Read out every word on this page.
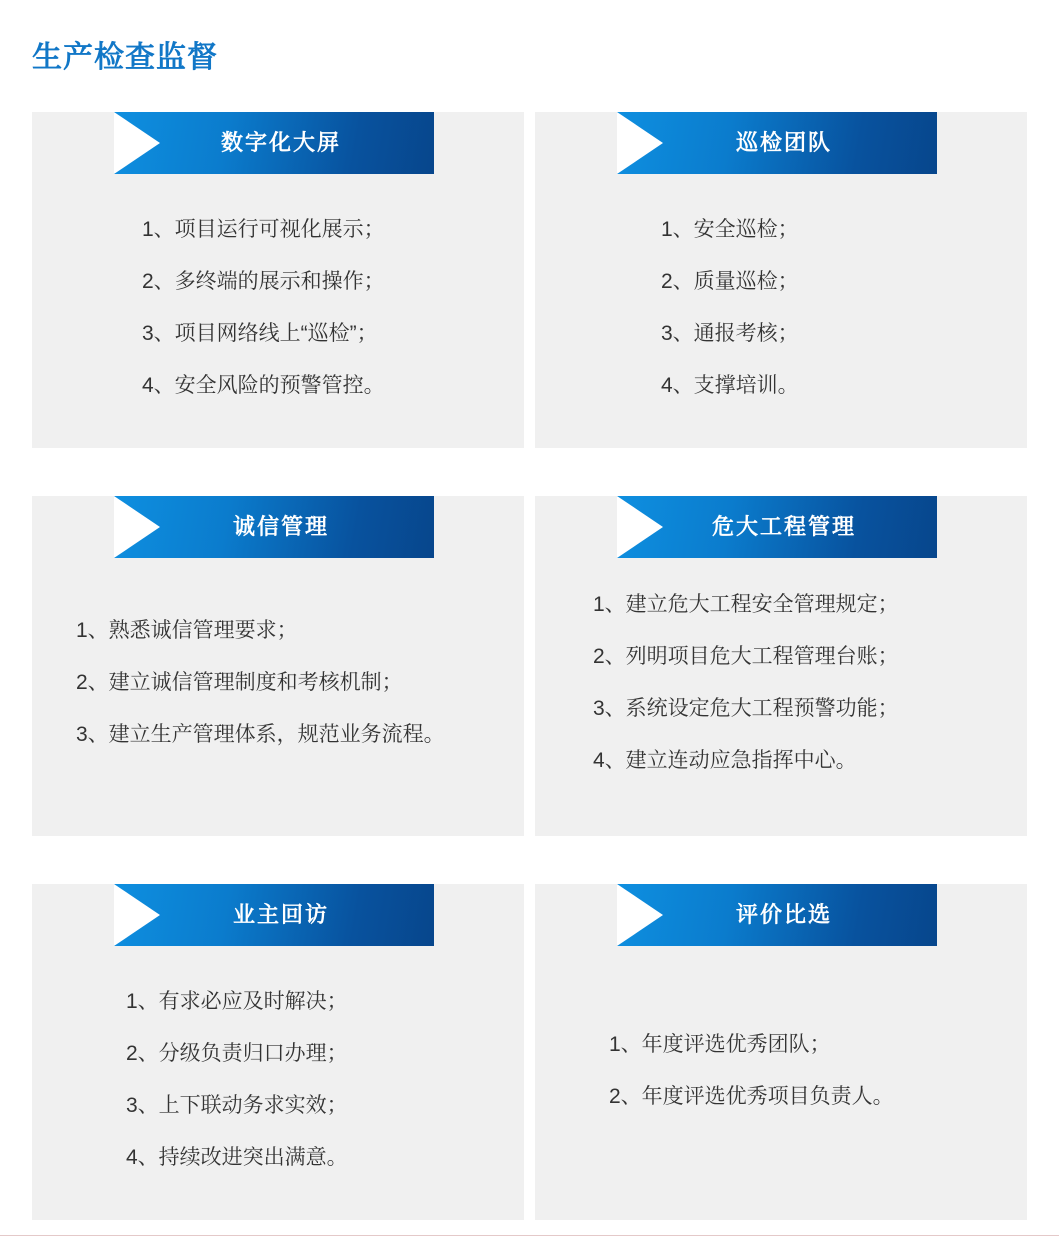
生产检查监督
数字化大屏
1、项目运行可视化展示；
2、多终端的展示和操作；
3、项目网络线上“巡检”；
4、安全风险的预警管控。
巡检团队
1、安全巡检；
2、质量巡检；
3、通报考核；
4、支撑培训。
诚信管理
1、熟悉诚信管理要求；
2、建立诚信管理制度和考核机制；
3、建立生产管理体系，规范业务流程。
危大工程管理
1、建立危大工程安全管理规定；
2、列明项目危大工程管理台账；
3、系统设定危大工程预警功能；
4、建立连动应急指挥中心。
业主回访
1、有求必应及时解决；
2、分级负责归口办理；
3、上下联动务求实效；
4、持续改进突出满意。
评价比选
1、年度评选优秀团队；
2、年度评选优秀项目负责人。
